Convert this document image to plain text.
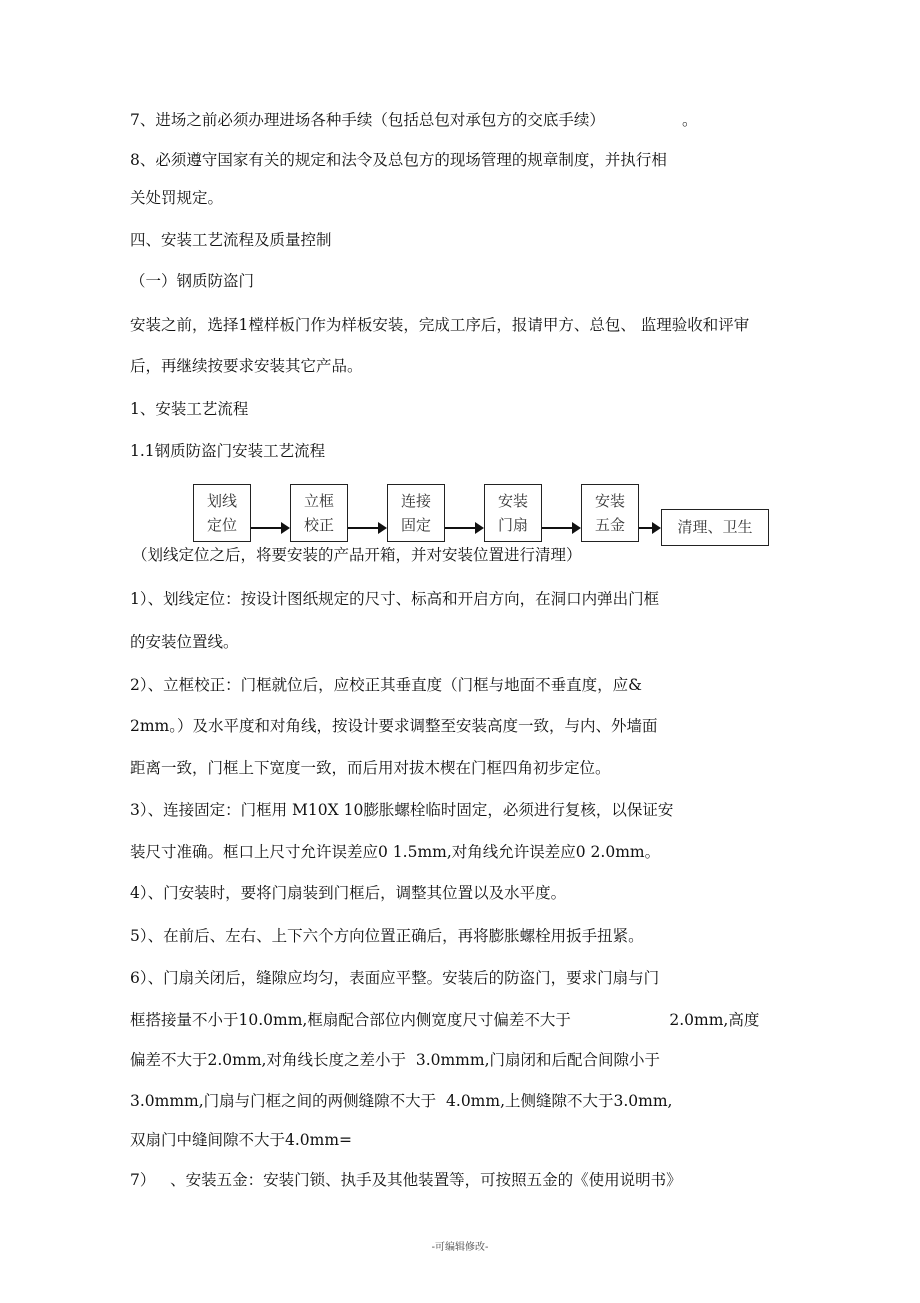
7、进场之前必须办理进场各种手续（包括总包对承包方的交底手续）	。
8、必须遵守国家有关的规定和法令及总包方的现场管理的规章制度，并执行相
关处罚规定。
四、安装工艺流程及质量控制
（一）钢质防盗门
安装之前，选择1樘样板门作为样板安装，完成工序后，报请甲方、总包、 监理验收和评审
后，再继续按要求安装其它产品。
1、安装工艺流程
1.1钢质防盗门安装工艺流程
划线
定位
立框
校正
连接
固定
安装
门扇
安装
五金	清理、卫生
（划线定位之后，将要安装的产品开箱，并对安装位置进行清理）
1）、划线定位：按设计图纸规定的尺寸、标高和开启方向，在洞口内弹出门框
的安装位置线。
2）、立框校正：门框就位后，应校正其垂直度（门框与地面不垂直度，应&
2mm。）及水平度和对角线，按设计要求调整至安装高度一致，与内、外墙面
距离一致，门框上下宽度一致，而后用对拔木楔在门框四角初步定位。
3）、连接固定：门框用 M10X 10膨胀螺栓临时固定，必须进行复核，以保证安
装尺寸准确。框口上尺寸允许误差应0 1.5mm,对角线允许误差应0 2.0mm。
4）、门安装时，要将门扇装到门框后，调整其位置以及水平度。
5）、在前后、左右、上下六个方向位置正确后，再将膨胀螺栓用扳手扭紧。
6）、门扇关闭后，缝隙应均匀，表面应平整。安装后的防盗门，要求门扇与门
框搭接量不小于10.0mm,框扇配合部位内侧宽度尺寸偏差不大于                    2.0mm,高度
偏差不大于2.0mm,对角线长度之差小于  3.0mmm,门扇闭和后配合间隙小于
3.0mmm,门扇与门框之间的两侧缝隙不大于  4.0mm,上侧缝隙不大于3.0mm,
双扇门中缝间隙不大于4.0mm=
7）   、安装五金：安装门锁、执手及其他装置等，可按照五金的《使用说明书》
-可编辑修改-
